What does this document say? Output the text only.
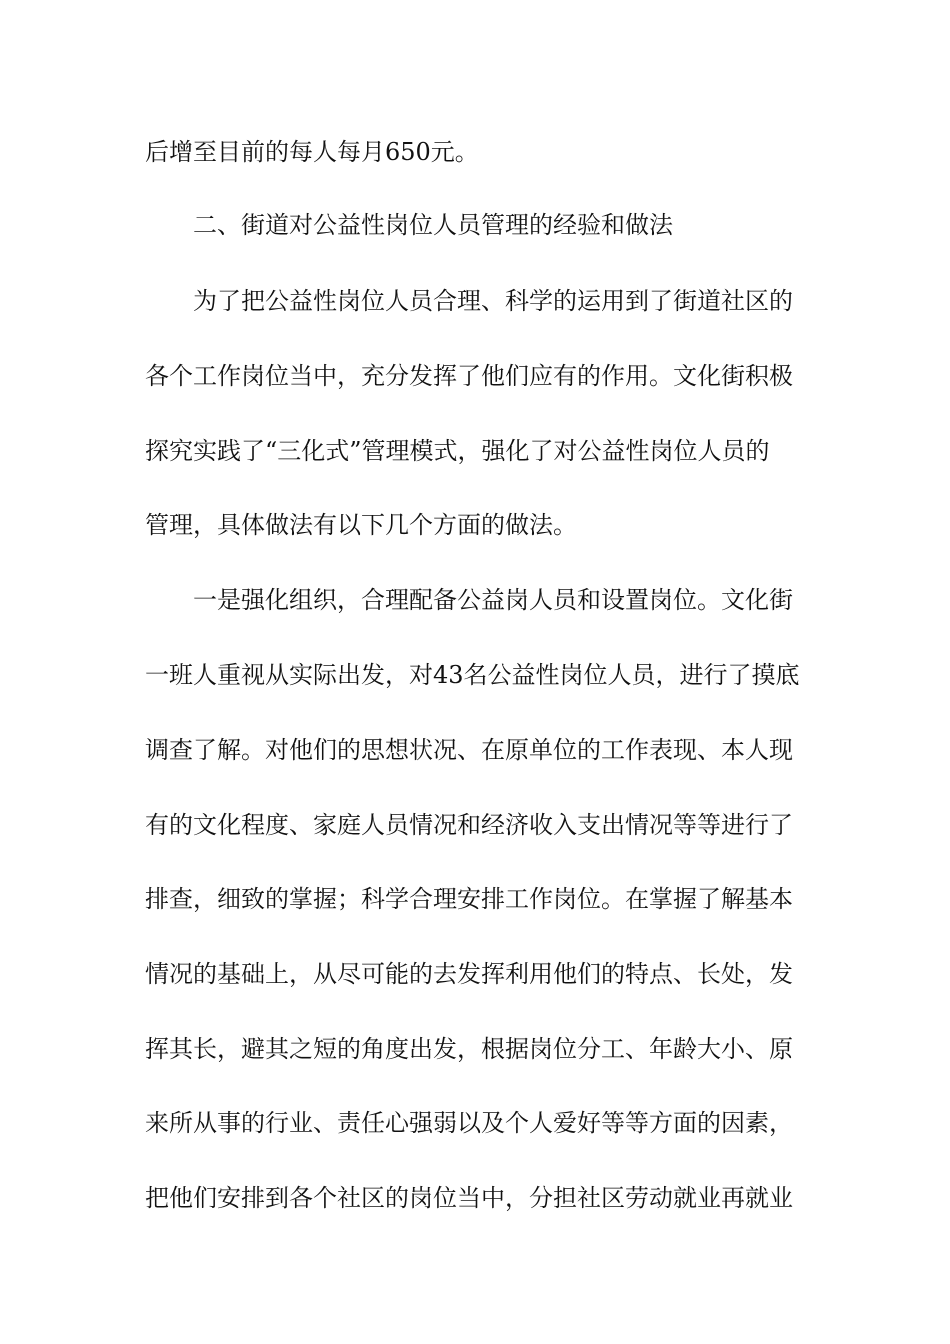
后增至目前的每人每月650元。
二、街道对公益性岗位人员管理的经验和做法
为了把公益性岗位人员合理、科学的运用到了街道社区的
各个工作岗位当中，充分发挥了他们应有的作用。文化街积极
探究实践了“三化式”管理模式，强化了对公益性岗位人员的
管理，具体做法有以下几个方面的做法。
一是强化组织，合理配备公益岗人员和设置岗位。文化街
一班人重视从实际出发，对43名公益性岗位人员，进行了摸底
调查了解。对他们的思想状况、在原单位的工作表现、本人现
有的文化程度、家庭人员情况和经济收入支出情况等等进行了
排查，细致的掌握；科学合理安排工作岗位。在掌握了解基本
情况的基础上，从尽可能的去发挥利用他们的特点、长处，发
挥其长，避其之短的角度出发，根据岗位分工、年龄大小、原
来所从事的行业、责任心强弱以及个人爱好等等方面的因素，
把他们安排到各个社区的岗位当中，分担社区劳动就业再就业
